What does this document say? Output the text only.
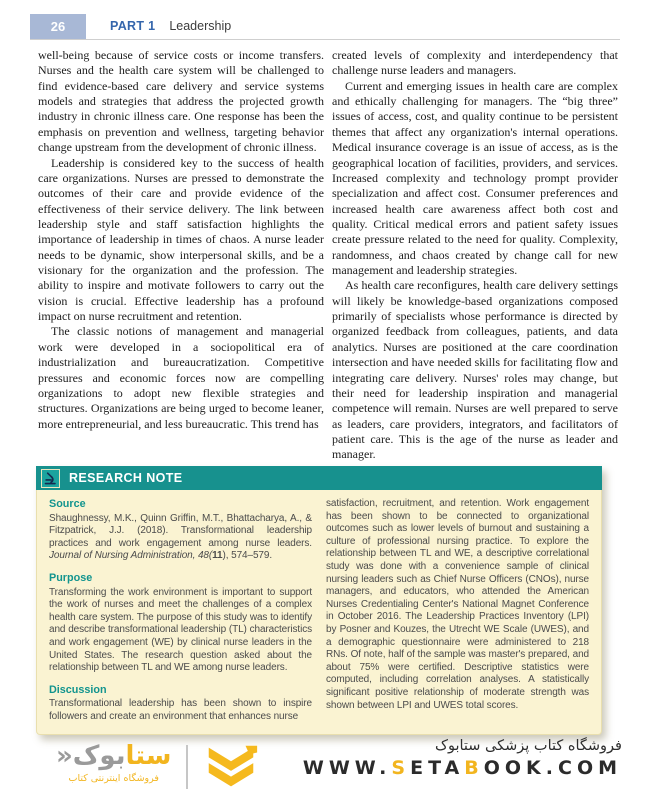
26	PART 1 Leadership

well-being because of service costs or income transfers. Nurses and the health care system will be challenged to find evidence-based care delivery and service systems models and strategies that address the projected growth industry in chronic illness care. One response has been the emphasis on prevention and wellness, targeting behavior change upstream from the development of chronic illness.

Leadership is considered key to the success of health care organizations. Nurses are pressed to demonstrate the outcomes of their care and provide evidence of the effectiveness of their service delivery. The link between leadership style and staff satisfaction highlights the importance of leadership in times of chaos. A nurse leader needs to be dynamic, show interpersonal skills, and be a visionary for the organization and the profession. The ability to inspire and motivate followers to carry out the vision is crucial. Effective leadership has a profound impact on nurse recruitment and retention.

The classic notions of management and managerial work were developed in a sociopolitical era of industrialization and bureaucratization. Competitive pressures and economic forces now are compelling organizations to adopt new flexible strategies and structures. Organizations are being urged to become leaner, more entrepreneurial, and less bureaucratic. This trend has

created levels of complexity and interdependency that challenge nurse leaders and managers.

Current and emerging issues in health care are complex and ethically challenging for managers. The “big three” issues of access, cost, and quality continue to be persistent themes that affect any organization's internal operations. Medical insurance coverage is an issue of access, as is the geographical location of facilities, providers, and services. Increased complexity and technology prompt provider specialization and affect cost. Consumer preferences and increased health care awareness affect both cost and quality. Critical medical errors and patient safety issues create pressure related to the need for quality. Complexity, randomness, and chaos created by change call for new management and leadership strategies.

As health care reconfigures, health care delivery settings will likely be knowledge-based organizations composed primarily of specialists whose performance is directed by organized feedback from colleagues, patients, and data analytics. Nurses are positioned at the care coordination intersection and have needed skills for facilitating flow and integrating care delivery. Nurses' roles may change, but their need for leadership inspiration and managerial competence will remain. Nurses are well prepared to serve as leaders, care providers, integrators, and facilitators of patient care. This is the age of the nurse as leader and manager.

RESEARCH NOTE
Source

Shaughnessy, M.K., Quinn Griffin, M.T., Bhattacharya, A., & Fitzpatrick, J.J. (2018). Transformational leadership practices and work engagement among nurse leaders. Journal of Nursing Administration, 48(11), 574–579.

Purpose

Transforming the work environment is important to support the work of nurses and meet the challenges of a complex health care system. The purpose of this study was to identify and describe transformational leadership (TL) characteristics and work engagement (WE) by clinical nurse leaders in the United States. The research question asked about the relationship between TL and WE among nurse leaders.

Discussion

Transformational leadership has been shown to inspire followers and create an environment that enhances nurse

satisfaction, recruitment, and retention. Work engagement has been shown to be connected to organizational outcomes such as lower levels of burnout and sustaining a culture of professional nursing practice. To explore the relationship between TL and WE, a descriptive correlational study was done with a convenience sample of clinical nursing leaders such as Chief Nurse Officers (CNOs), nurse managers, and educators, who attended the American Nurses Credentialing Center's National Magnet Conference in October 2016. The Leadership Practices Inventory (LPI) by Posner and Kouzes, the Utrecht WE Scale (UWES), and a demographic questionnaire were administered to 218 RNs. Of note, half of the sample was master's prepared, and about 75% were certified. Descriptive statistics were computed, including correlation analyses. A statistically significant positive relationship of moderate strength was shown between LPI and UWES total scores.

ستابوک«
فروشگاه اینترنتی کتاب
فروشگاه کتاب پزشکی ستابوک
WWW.SETABOOK.COM
